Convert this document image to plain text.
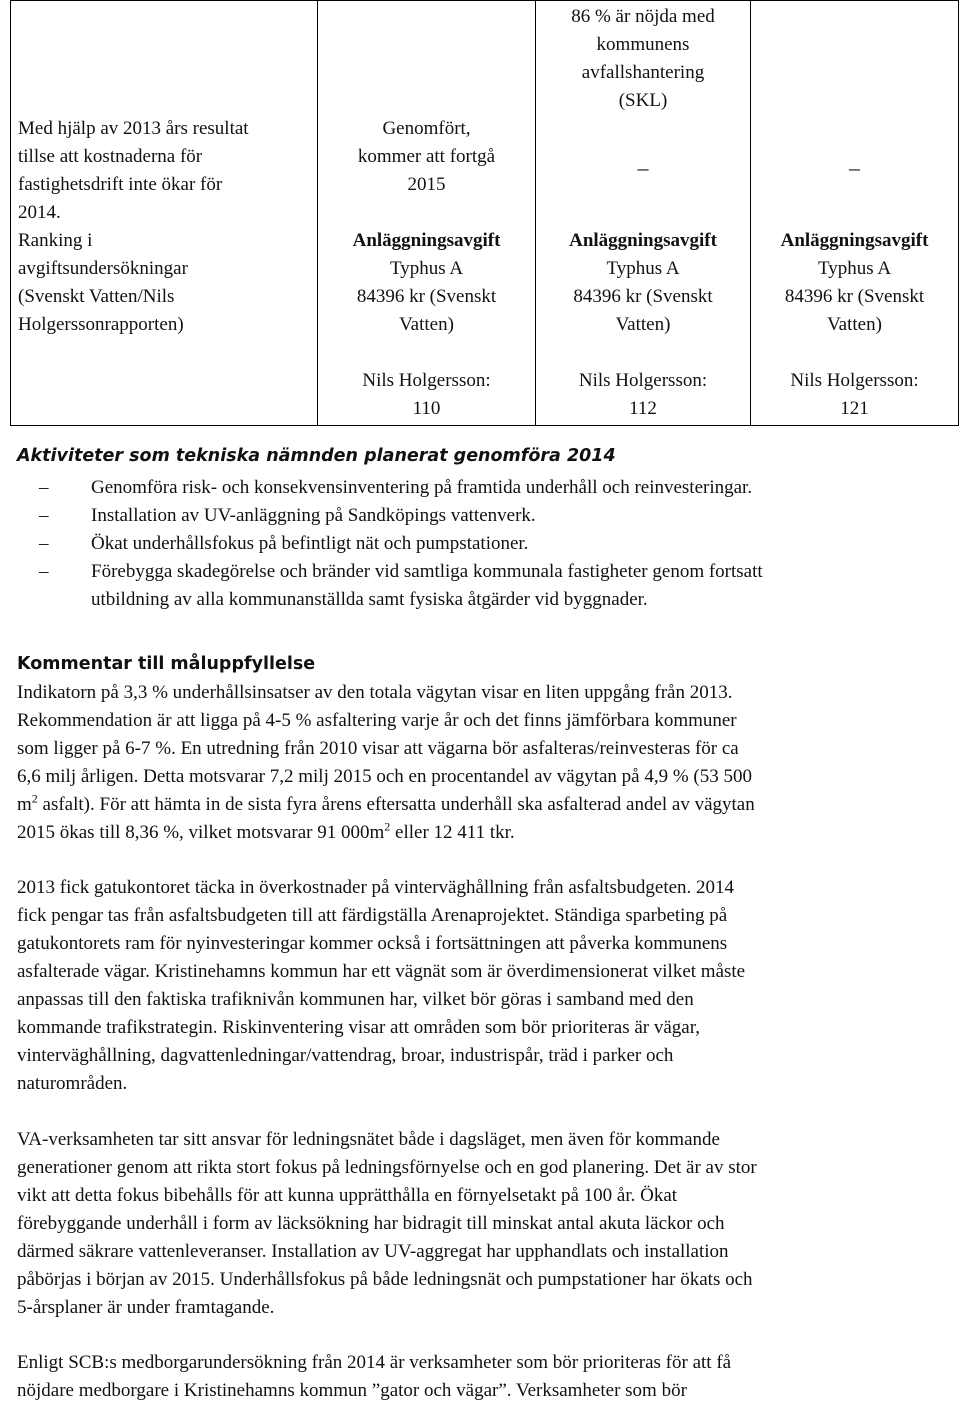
Med hjälp av 2013 års resultat
tillse att kostnaderna för
fastighetsdrift inte ökar för
2014.
Ranking i
avgiftsundersökningar
(Svenskt Vatten/Nils
Holgerssonrapporten)

Genomfört,
kommer att fortgå
2015
Anläggningsavgift
Typhus A
84396 kr (Svenskt
Vatten)
Nils Holgersson:
110

86 % är nöjda med
kommunens
avfallshantering
(SKL)
–
Anläggningsavgift
Typhus A
84396 kr (Svenskt
Vatten)
Nils Holgersson:
112

–
Anläggningsavgift
Typhus A
84396 kr (Svenskt
Vatten)
Nils Holgersson:
121
Aktiviteter som tekniska nämnden planerat genomföra 2014
– Genomföra risk- och konsekvensinventering på framtida underhåll och reinvesteringar.
– Installation av UV-anläggning på Sandköpings vattenverk.
– Ökat underhållsfokus på befintligt nät och pumpstationer.
– Förebygga skadegörelse och bränder vid samtliga kommunala fastigheter genom fortsatt
utbildning av alla kommunanställda samt fysiska åtgärder vid byggnader.
Kommentar till måluppfyllelse

Indikatorn på 3,3 % underhållsinsatser av den totala vägytan visar en liten uppgång från 2013.
Rekommendation är att ligga på 4-5 % asfaltering varje år och det finns jämförbara kommuner
som ligger på 6-7 %. En utredning från 2010 visar att vägarna bör asfalteras/reinvesteras för ca
6,6 milj årligen. Detta motsvarar 7,2 milj 2015 och en procentandel av vägytan på 4,9 % (53 500
$m^2$ asfalt). För att hämta in de sista fyra årens eftersatta underhåll ska asfalterad andel av vägytan
2015 ökas till 8,36 %, vilket motsvarar 91 $000m^2$ eller 12 411 tkr.

2013 fick gatukontoret täcka in överkostnader på vinterväghållning från asfaltsbudgeten. 2014
fick pengar tas från asfaltsbudgeten till att färdigställa Arenaprojektet. Ständiga sparbeting på
gatukontorets ram för nyinvesteringar kommer också i fortsättningen att påverka kommunens
asfalterade vägar. Kristinehamns kommun har ett vägnät som är överdimensionerat vilket måste
anpassas till den faktiska trafiknivån kommunen har, vilket bör göras i samband med den
kommande trafikstrategin. Riskinventering visar att områden som bör prioriteras är vägar,
vinterväghållning, dagvattenledningar/vattendrag, broar, industrispår, träd i parker och
naturområden.

VA-verksamheten tar sitt ansvar för ledningsnätet både i dagsläget, men även för kommande
generationer genom att rikta stort fokus på ledningsförnyelse och en god planering. Det är av stor
vikt att detta fokus bibehålls för att kunna upprätthålla en förnyelsetakt på 100 år. Ökat
förebyggande underhåll i form av läcksökning har bidragit till minskat antal akuta läckor och
därmed säkrare vattenleveranser. Installation av UV-aggregat har upphandlats och installation
påbörjas i början av 2015. Underhållsfokus på både ledningsnät och pumpstationer har ökats och
5-årsplaner är under framtagande.

Enligt SCB:s medborgarundersökning från 2014 är verksamheter som bör prioriteras för att få
nöjdare medborgare i Kristinehamns kommun ”gator och vägar”. Verksamheter som bör
